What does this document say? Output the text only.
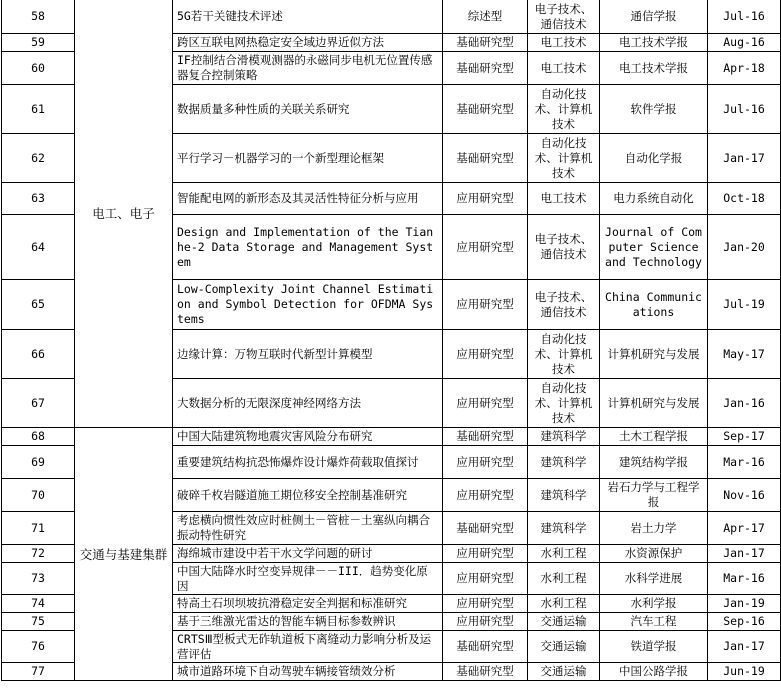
58	电工、电子	5G若干关键技术评述	综述型	电子技术、通信技术	通信学报	Jul-16
59		跨区互联电网热稳定安全域边界近似方法	基础研究型	电工技术	电工技术学报	Aug-16
60		IF控制结合滑模观测器的永磁同步电机无位置传感器复合控制策略	基础研究型	电工技术	电工技术学报	Apr-18
61		数据质量多种性质的关联关系研究	基础研究型	自动化技术、计算机技术	软件学报	Jul-16
62		平行学习－机器学习的一个新型理论框架	基础研究型	自动化技术、计算机技术	自动化学报	Jan-17
63		智能配电网的新形态及其灵活性特征分析与应用	应用研究型	电工技术	电力系统自动化	Oct-18
64		Design and Implementation of the Tianhe-2 Data Storage and Management System	应用研究型	电子技术、通信技术	Journal of Computer Science and Technology	Jan-20
65		Low-Complexity Joint Channel Estimation and Symbol Detection for OFDMA Systems	应用研究型	电子技术、通信技术	China Communications	Jul-19
66		边缘计算：万物互联时代新型计算模型	应用研究型	自动化技术、计算机技术	计算机研究与发展	May-17
67		大数据分析的无限深度神经网络方法	应用研究型	自动化技术、计算机技术	计算机研究与发展	Jan-16
68	交通与基建集群	中国大陆建筑物地震灾害风险分布研究	基础研究型	建筑科学	土木工程学报	Sep-17
69		重要建筑结构抗恐怖爆炸设计爆炸荷载取值探讨	应用研究型	建筑科学	建筑结构学报	Mar-16
70		破碎千枚岩隧道施工期位移安全控制基准研究	应用研究型	建筑科学	岩石力学与工程学报	Nov-16
71		考虑横向惯性效应时桩侧土－管桩－土塞纵向耦合振动特性研究	基础研究型	建筑科学	岩土力学	Apr-17
72		海绵城市建设中若干水文学问题的研讨	应用研究型	水利工程	水资源保护	Jan-17
73		中国大陆降水时空变异规律－－III．趋势变化原因	应用研究型	水利工程	水科学进展	Mar-16
74		特高土石坝坝坡抗滑稳定安全判据和标准研究	应用研究型	水利工程	水利学报	Jan-19
75		基于三维激光雷达的智能车辆目标参数辨识	应用研究型	交通运输	汽车工程	Sep-16
76		CRTSⅢ型板式无砟轨道板下离缝动力影响分析及运营评估	基础研究型	交通运输	铁道学报	Jan-17
77		城市道路环境下自动驾驶车辆接管绩效分析	基础研究型	交通运输	中国公路学报	Jun-19
